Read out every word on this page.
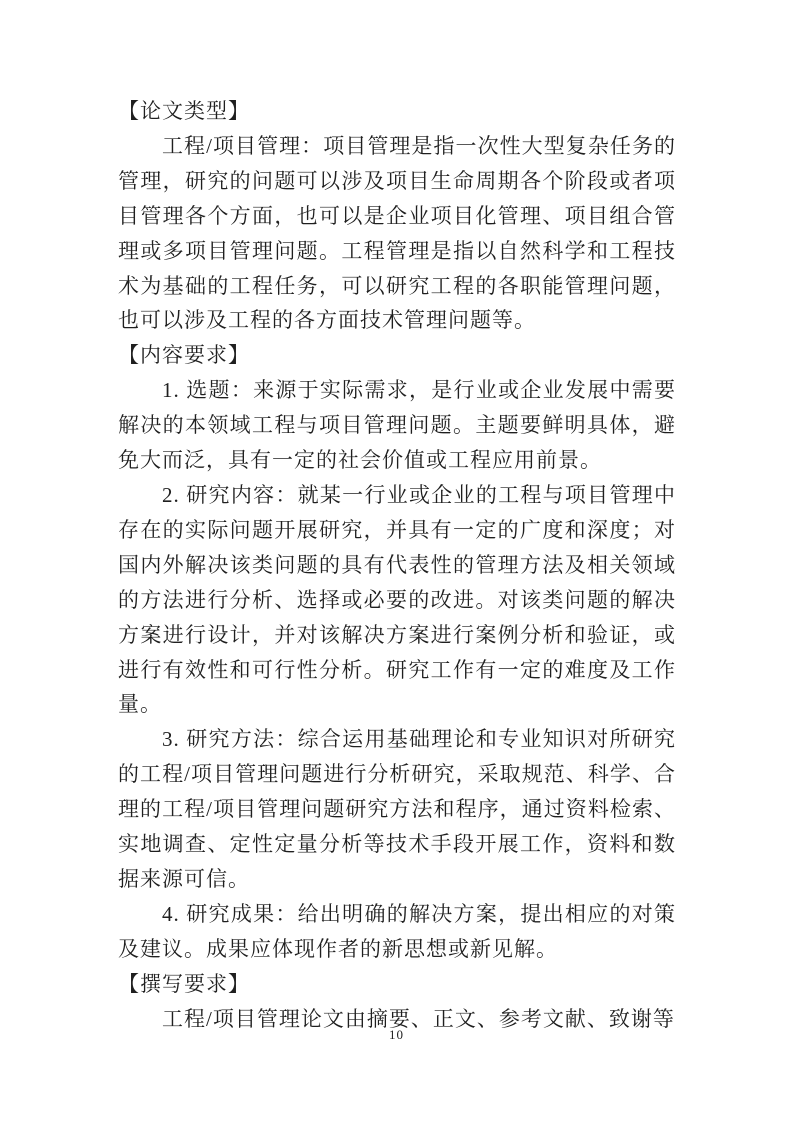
【论文类型】

工程/项目管理：项目管理是指一次性大型复杂任务的管理，研究的问题可以涉及项目生命周期各个阶段或者项目管理各个方面，也可以是企业项目化管理、项目组合管理或多项目管理问题。工程管理是指以自然科学和工程技术为基础的工程任务，可以研究工程的各职能管理问题，也可以涉及工程的各方面技术管理问题等。

【内容要求】

1. 选题：来源于实际需求，是行业或企业发展中需要解决的本领域工程与项目管理问题。主题要鲜明具体，避免大而泛，具有一定的社会价值或工程应用前景。

2. 研究内容：就某一行业或企业的工程与项目管理中存在的实际问题开展研究，并具有一定的广度和深度；对国内外解决该类问题的具有代表性的管理方法及相关领域的方法进行分析、选择或必要的改进。对该类问题的解决方案进行设计，并对该解决方案进行案例分析和验证，或进行有效性和可行性分析。研究工作有一定的难度及工作量。

3. 研究方法：综合运用基础理论和专业知识对所研究的工程/项目管理问题进行分析研究，采取规范、科学、合理的工程/项目管理问题研究方法和程序，通过资料检索、实地调查、定性定量分析等技术手段开展工作，资料和数据来源可信。

4. 研究成果：给出明确的解决方案，提出相应的对策及建议。成果应体现作者的新思想或新见解。

【撰写要求】

工程/项目管理论文由摘要、正文、参考文献、致谢等

10
